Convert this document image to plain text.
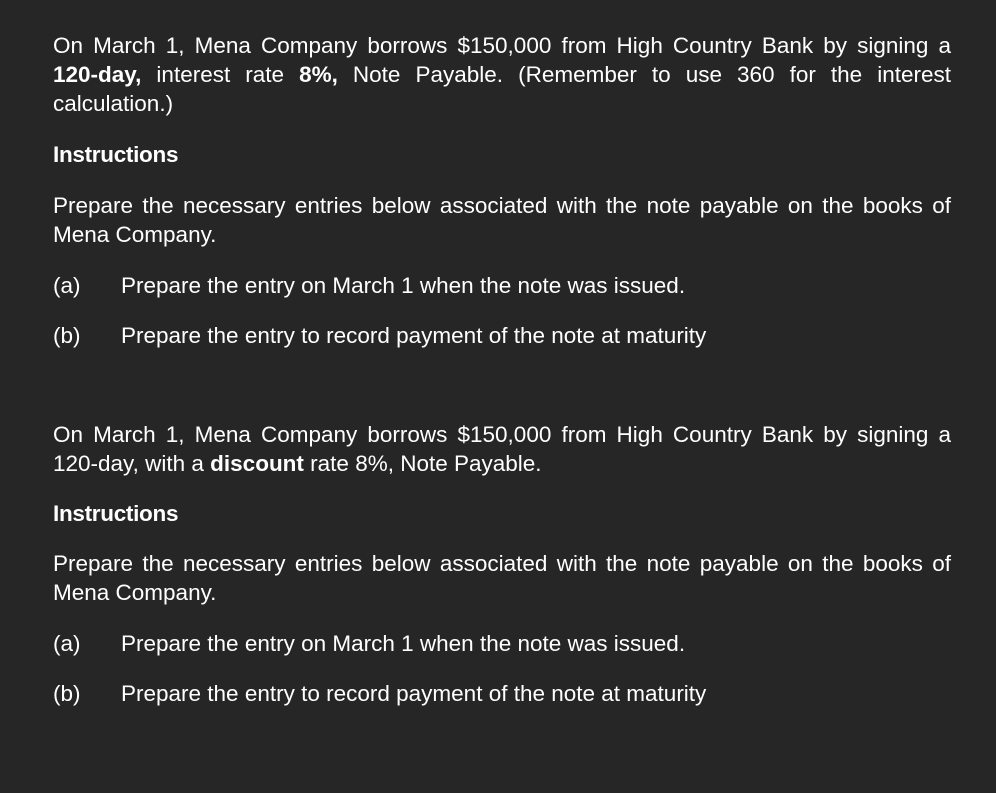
On March 1, Mena Company borrows $150,000 from High Country Bank by signing a 120-day, interest rate 8%, Note Payable. (Remember to use 360 for the interest calculation.)

Instructions

Prepare the necessary entries below associated with the note payable on the books of Mena Company.

(a) Prepare the entry on March 1 when the note was issued.
(b) Prepare the entry to record payment of the note at maturity

On March 1, Mena Company borrows $150,000 from High Country Bank by signing a 120-day, with a discount rate 8%, Note Payable.

Instructions

Prepare the necessary entries below associated with the note payable on the books of Mena Company.

(a) Prepare the entry on March 1 when the note was issued.
(b) Prepare the entry to record payment of the note at maturity
